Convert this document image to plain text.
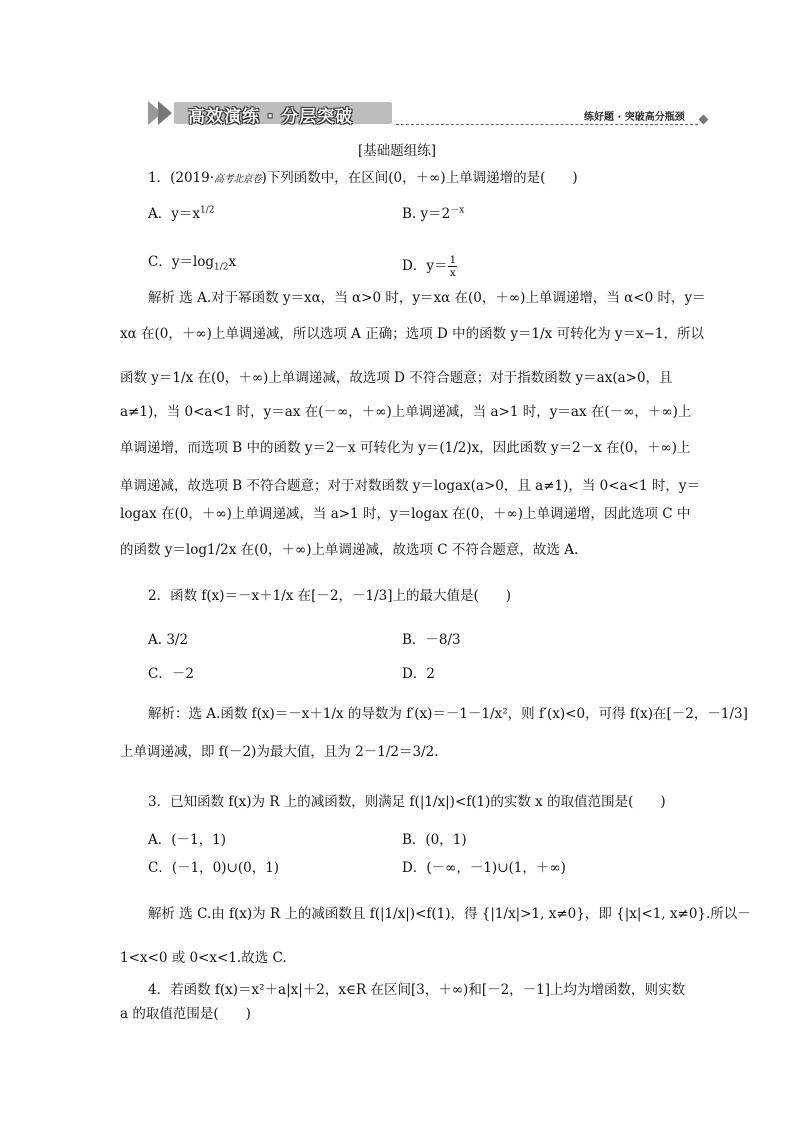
高效演练 · 分层突破	练好题 · 突破高分瓶颈
[基础题组练]
1．(2019·高考北京卷)下列函数中，在区间(0，＋∞)上单调递增的是(　　)
A．$y=x^{1/2}$	B. $y=2^{-x}$
C．$y=\log_{1/2}x$	D．$y= \frac{1}{x}$
解析 选 A.对于幂函数 y＝xα，当 α>0 时，y＝xα 在(0，＋∞)上单调递增，当 α<0 时，y＝
xα 在(0，＋∞)上单调递减，所以选项 A 正确；选项 D 中的函数 y＝1/x 可转化为 y＝x−1，所以
函数 y＝1/x 在(0，＋∞)上单调递减，故选项 D 不符合题意；对于指数函数 y＝ax(a>0，且
a≠1)，当 0<a<1 时，y＝ax 在(－∞，＋∞)上单调递减，当 a>1 时，y＝ax 在(－∞，＋∞)上
单调递增，而选项 B 中的函数 y＝2－x 可转化为 y＝(1/2)x，因此函数 y＝2－x 在(0，＋∞)上
单调递减，故选项 B 不符合题意；对于对数函数 y＝logax(a>0，且 a≠1)，当 0<a<1 时，y＝
logax 在(0，＋∞)上单调递减，当 a>1 时，y＝logax 在(0，＋∞)上单调递增，因此选项 C 中
的函数 y＝log1/2x 在(0，＋∞)上单调递减，故选项 C 不符合题意，故选 A.
2．函数 f(x)＝－x＋1/x 在[－2，－1/3]上的最大值是(　　)
A. 3/2	B．－8/3
C．－2	D．2
解析：选 A.函数 f(x)＝－x＋1/x 的导数为 f′(x)＝－1－1/x²，则 f′(x)<0，可得 f(x)在[－2，－1/3]
上单调递减，即 f(－2)为最大值，且为 2－1/2＝3/2.
3．已知函数 f(x)为 R 上的减函数，则满足 f(|1/x|)<f(1)的实数 x 的取值范围是(　　)
A．(－1，1)	B．(0，1)
C．(－1，0)∪(0，1)	D．(－∞，－1)∪(1，＋∞)
解析 选 C.由 f(x)为 R 上的减函数且 f(|1/x|)<f(1)，得 {|1/x|>1, x≠0}，即 {|x|<1, x≠0}.所以－
1<x<0 或 0<x<1.故选 C.
4．若函数 f(x)＝x²＋a|x|＋2，x∈R 在区间[3，＋∞)和[－2，－1]上均为增函数，则实数
a 的取值范围是(　　)
